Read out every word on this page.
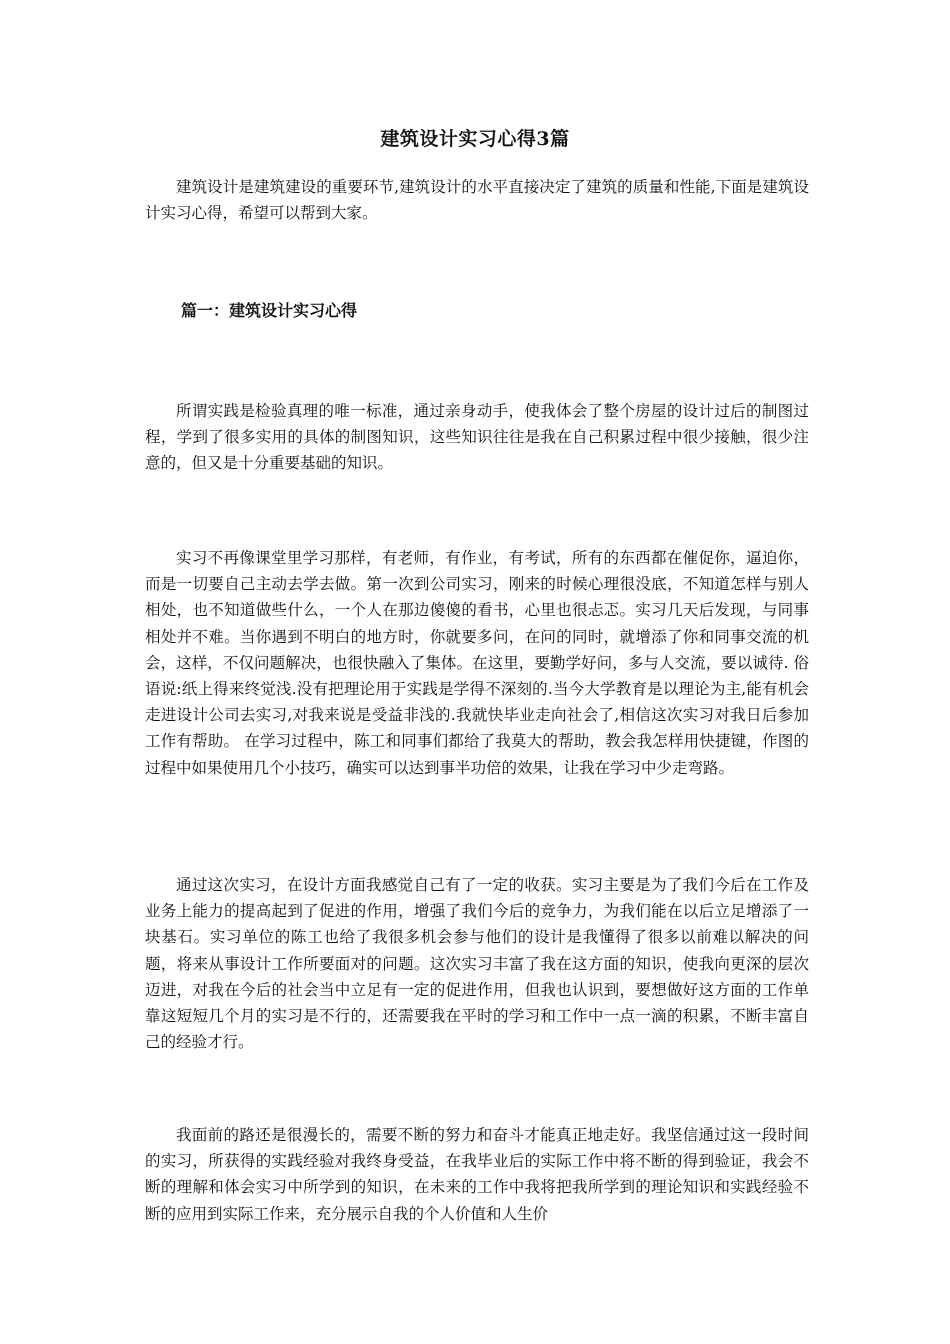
建筑设计实习心得3篇

建筑设计是建筑建设的重要环节,建筑设计的水平直接决定了建筑的质量和性能,下面是建筑设计实习心得，希望可以帮到大家。

篇一：建筑设计实习心得

所谓实践是检验真理的唯一标准，通过亲身动手，使我体会了整个房屋的设计过后的制图过程，学到了很多实用的具体的制图知识，这些知识往往是我在自己积累过程中很少接触，很少注意的，但又是十分重要基础的知识。

实习不再像课堂里学习那样，有老师，有作业，有考试，所有的东西都在催促你，逼迫你，而是一切要自己主动去学去做。第一次到公司实习，刚来的时候心理很没底，不知道怎样与别人相处，也不知道做些什么，一个人在那边傻傻的看书，心里也很忐忑。实习几天后发现，与同事相处并不难。当你遇到不明白的地方时，你就要多问，在问的同时，就增添了你和同事交流的机会，这样，不仅问题解决，也很快融入了集体。在这里，要勤学好问，多与人交流，要以诚待. 俗语说:纸上得来终觉浅.没有把理论用于实践是学得不深刻的.当今大学教育是以理论为主,能有机会走进设计公司去实习,对我来说是受益非浅的.我就快毕业走向社会了,相信这次实习对我日后参加工作有帮助。 在学习过程中，陈工和同事们都给了我莫大的帮助，教会我怎样用快捷键，作图的过程中如果使用几个小技巧，确实可以达到事半功倍的效果，让我在学习中少走弯路。

通过这次实习，在设计方面我感觉自己有了一定的收获。实习主要是为了我们今后在工作及业务上能力的提高起到了促进的作用，增强了我们今后的竞争力，为我们能在以后立足增添了一块基石。实习单位的陈工也给了我很多机会参与他们的设计是我懂得了很多以前难以解决的问题，将来从事设计工作所要面对的问题。这次实习丰富了我在这方面的知识，使我向更深的层次迈进，对我在今后的社会当中立足有一定的促进作用，但我也认识到，要想做好这方面的工作单靠这短短几个月的实习是不行的，还需要我在平时的学习和工作中一点一滴的积累，不断丰富自己的经验才行。

我面前的路还是很漫长的，需要不断的努力和奋斗才能真正地走好。我坚信通过这一段时间的实习，所获得的实践经验对我终身受益，在我毕业后的实际工作中将不断的得到验证，我会不断的理解和体会实习中所学到的知识，在未来的工作中我将把我所学到的理论知识和实践经验不断的应用到实际工作来，充分展示自我的个人价值和人生价
